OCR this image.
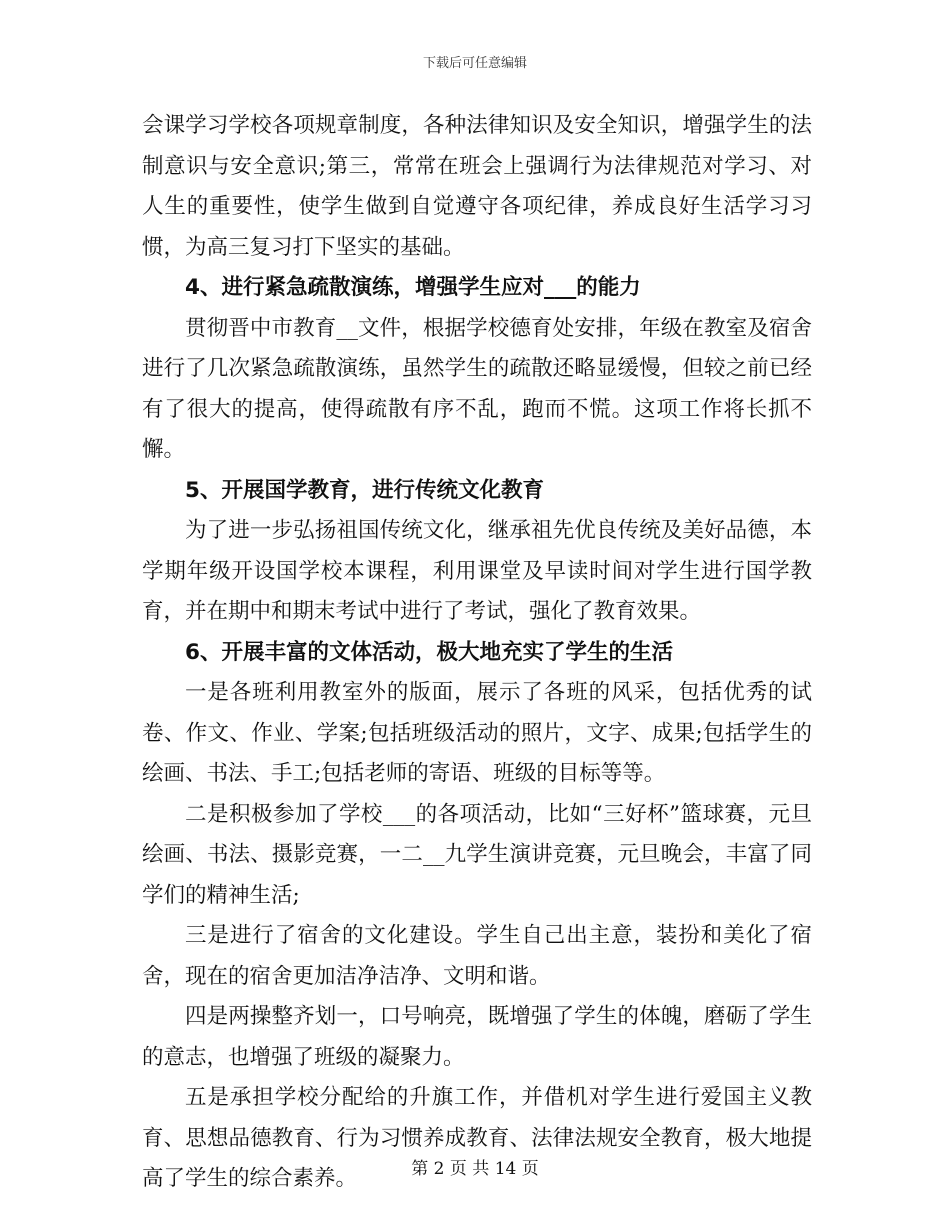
下载后可任意编辑

会课学习学校各项规章制度，各种法律知识及安全知识，增强学生的法制意识与安全意识;第三，常常在班会上强调行为法律规范对学习、对人生的重要性，使学生做到自觉遵守各项纪律，养成良好生活学习习惯，为高三复习打下坚实的基础。

4、进行紧急疏散演练，增强学生应对___的能力

贯彻晋中市教育__文件，根据学校德育处安排，年级在教室及宿舍进行了几次紧急疏散演练，虽然学生的疏散还略显缓慢，但较之前已经有了很大的提高，使得疏散有序不乱，跑而不慌。这项工作将长抓不懈。

5、开展国学教育，进行传统文化教育

为了进一步弘扬祖国传统文化，继承祖先优良传统及美好品德，本学期年级开设国学校本课程，利用课堂及早读时间对学生进行国学教育，并在期中和期末考试中进行了考试，强化了教育效果。

6、开展丰富的文体活动，极大地充实了学生的生活

一是各班利用教室外的版面，展示了各班的风采，包括优秀的试卷、作文、作业、学案;包括班级活动的照片，文字、成果;包括学生的绘画、书法、手工;包括老师的寄语、班级的目标等等。

二是积极参加了学校___的各项活动，比如“三好杯”篮球赛，元旦绘画、书法、摄影竞赛，一二__九学生演讲竞赛，元旦晚会，丰富了同学们的精神生活;

三是进行了宿舍的文化建设。学生自己出主意，装扮和美化了宿舍，现在的宿舍更加洁净洁净、文明和谐。

四是两操整齐划一，口号响亮，既增强了学生的体魄，磨砺了学生的意志，也增强了班级的凝聚力。

五是承担学校分配给的升旗工作，并借机对学生进行爱国主义教育、思想品德教育、行为习惯养成教育、法律法规安全教育，极大地提高了学生的综合素养。	第 2 页 共 14 页
